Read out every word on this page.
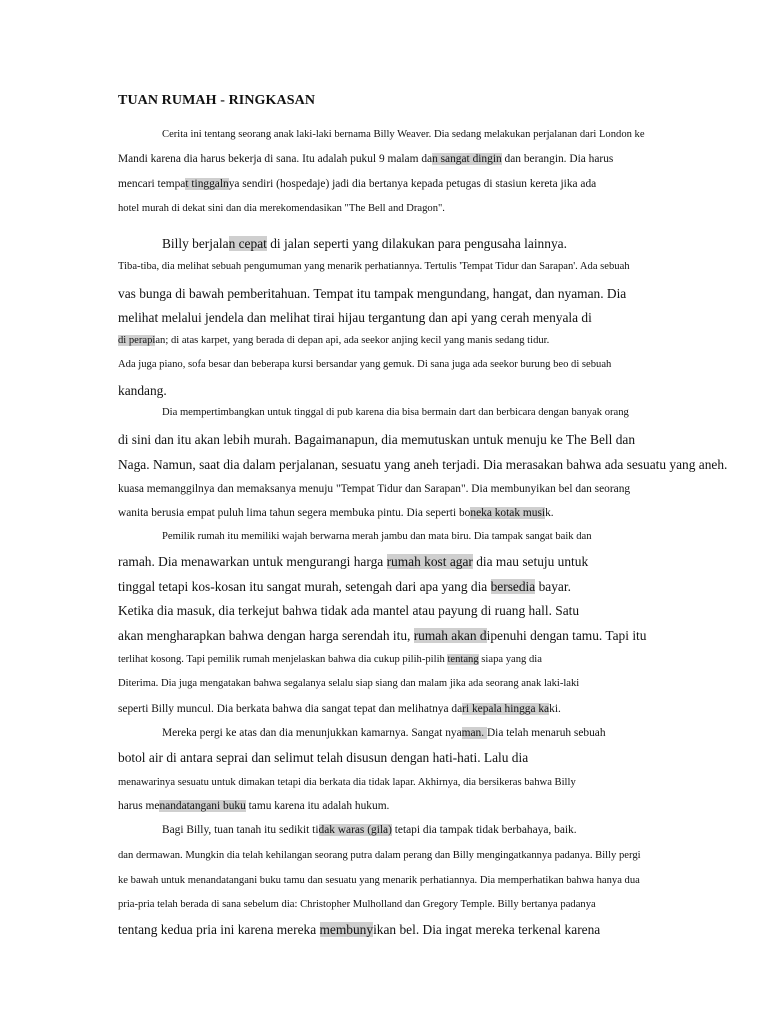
TUAN RUMAH - RINGKASAN
Cerita ini tentang seorang anak laki-laki bernama Billy Weaver. Dia sedang melakukan perjalanan dari London ke
Mandi karena dia harus bekerja di sana. Itu adalah pukul 9 malam dan sangat dingin dan berangin. Dia harus
mencari tempat tinggalnya sendiri (hospedaje) jadi dia bertanya kepada petugas di stasiun kereta jika ada
hotel murah di dekat sini dan dia merekomendasikan "The Bell and Dragon".
Billy berjalan cepat di jalan seperti yang dilakukan para pengusaha lainnya.
Tiba-tiba, dia melihat sebuah pengumuman yang menarik perhatiannya. Tertulis 'Tempat Tidur dan Sarapan'. Ada sebuah
vas bunga di bawah pemberitahuan. Tempat itu tampak mengundang, hangat, dan nyaman. Dia
melihat melalui jendela dan melihat tirai hijau tergantung dan api yang cerah menyala di
di perapian; di atas karpet, yang berada di depan api, ada seekor anjing kecil yang manis sedang tidur.
Ada juga piano, sofa besar dan beberapa kursi bersandar yang gemuk. Di sana juga ada seekor burung beo di sebuah
kandang.
Dia mempertimbangkan untuk tinggal di pub karena dia bisa bermain dart dan berbicara dengan banyak orang
di sini dan itu akan lebih murah. Bagaimanapun, dia memutuskan untuk menuju ke The Bell dan
Naga. Namun, saat dia dalam perjalanan, sesuatu yang aneh terjadi. Dia merasakan bahwa ada sesuatu yang aneh.
kuasa memanggilnya dan memaksanya menuju "Tempat Tidur dan Sarapan". Dia membunyikan bel dan seorang
wanita berusia empat puluh lima tahun segera membuka pintu. Dia seperti boneka kotak musik.
Pemilik rumah itu memiliki wajah berwarna merah jambu dan mata biru. Dia tampak sangat baik dan
ramah. Dia menawarkan untuk mengurangi harga rumah kost agar dia mau setuju untuk
tinggal tetapi kos-kosan itu sangat murah, setengah dari apa yang dia bersedia bayar.
Ketika dia masuk, dia terkejut bahwa tidak ada mantel atau payung di ruang hall. Satu
akan mengharapkan bahwa dengan harga serendah itu, rumah akan dipenuhi dengan tamu. Tapi itu
terlihat kosong. Tapi pemilik rumah menjelaskan bahwa dia cukup pilih-pilih tentang siapa yang dia
Diterima. Dia juga mengatakan bahwa segalanya selalu siap siang dan malam jika ada seorang anak laki-laki
seperti Billy muncul. Dia berkata bahwa dia sangat tepat dan melihatnya dari kepala hingga kaki.
Mereka pergi ke atas dan dia menunjukkan kamarnya. Sangat nyaman. Dia telah menaruh sebuah
botol air di antara seprai dan selimut telah disusun dengan hati-hati. Lalu dia
menawarinya sesuatu untuk dimakan tetapi dia berkata dia tidak lapar. Akhirnya, dia bersikeras bahwa Billy
harus menandatangani buku tamu karena itu adalah hukum.
Bagi Billy, tuan tanah itu sedikit tidak waras (gila) tetapi dia tampak tidak berbahaya, baik.
dan dermawan. Mungkin dia telah kehilangan seorang putra dalam perang dan Billy mengingatkannya padanya. Billy pergi
ke bawah untuk menandatangani buku tamu dan sesuatu yang menarik perhatiannya. Dia memperhatikan bahwa hanya dua
pria-pria telah berada di sana sebelum dia: Christopher Mulholland dan Gregory Temple. Billy bertanya padanya
tentang kedua pria ini karena mereka membunyikan bel. Dia ingat mereka terkenal karena
